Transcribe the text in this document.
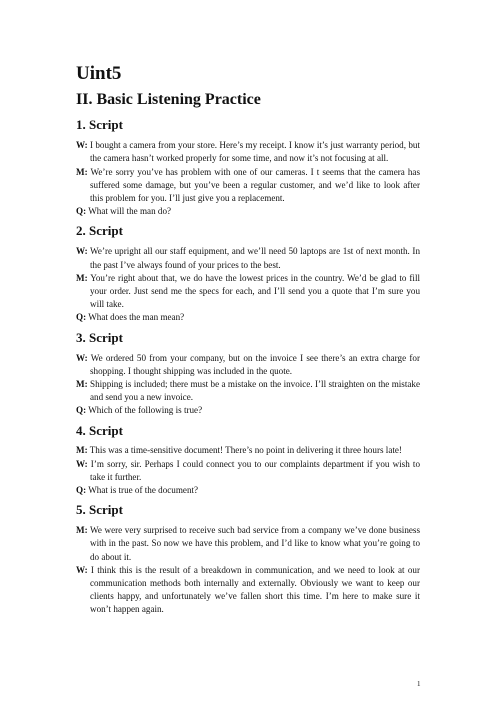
Uint5
II. Basic Listening Practice
1. Script

W: I bought a camera from your store. Here’s my receipt. I know it’s just warranty period, but the camera hasn’t worked properly for some time, and now it’s not focusing at all.

M: We’re sorry you’ve has problem with one of our cameras. I t seems that the camera has suffered some damage, but you’ve been a regular customer, and we’d like to look after this problem for you. I’ll just give you a replacement.

Q: What will the man do?

2. Script

W: We’re upright all our staff equipment, and we’ll need 50 laptops are 1st of next month. In the past I’ve always found of your prices to the best.

M: You’re right about that, we do have the lowest prices in the country. We’d be glad to fill your order. Just send me the specs for each, and I’ll send you a quote that I’m sure you will take.

Q: What does the man mean?

3. Script

W: We ordered 50 from your company, but on the invoice I see there’s an extra charge for shopping. I thought shipping was included in the quote.

M: Shipping is included; there must be a mistake on the invoice. I’ll straighten on the mistake and send you a new invoice.

Q: Which of the following is true?

4. Script

M: This was a time-sensitive document! There’s no point in delivering it three hours late!

W: I’m sorry, sir. Perhaps I could connect you to our complaints department if you wish to take it further.

Q: What is true of the document?

5. Script

M: We were very surprised to receive such bad service from a company we’ve done business with in the past. So now we have this problem, and I’d like to know what you’re going to do about it.

W: I think this is the result of a breakdown in communication, and we need to look at our communication methods both internally and externally. Obviously we want to keep our clients happy, and unfortunately we’ve fallen short this time. I’m here to make sure it won’t happen again.

1
